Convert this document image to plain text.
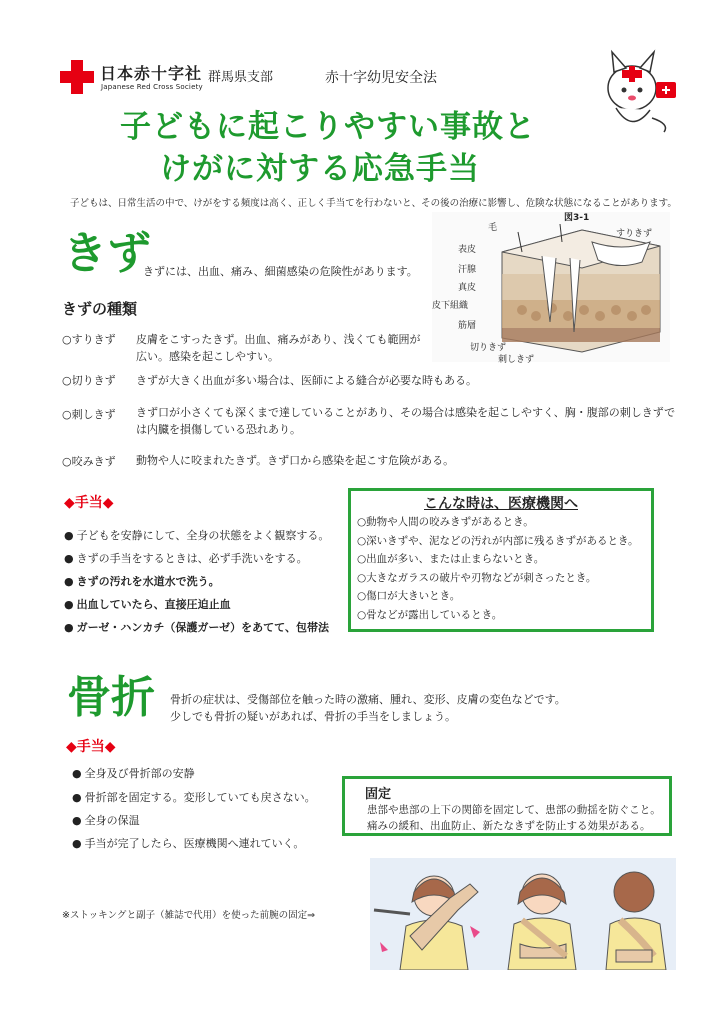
日本赤十字社
Japanese Red Cross Society
群馬県支部	赤十字幼児安全法
子どもに起こりやすい事故と
けがに対する応急手当
子どもは、日常生活の中で、けがをする頻度は高く、正しく手当てを行わないと、その後の治療に影響し、危険な状態になることがあります。
きず
きずには、出血、痛み、細菌感染の危険性があります。
きずの種類
図3-1
毛
表皮
汗腺
真皮
皮下組織
筋層
すりきず
切りきず
刺しきず
○すりきず 皮膚をこすったきず。出血、痛みがあり、浅くても範囲が広い。感染を起こしやすい。
○切りきず きずが大きく出血が多い場合は、医師による縫合が必要な時もある。
○刺しきず きず口が小さくても深くまで達していることがあり、その場合は感染を起こしやすく、胸・腹部の刺しきずでは内臓を損傷している恐れあり。
○咬みきず 動物や人に咬まれたきず。きず口から感染を起こす危険がある。
◆手当◆
● 子どもを安静にして、全身の状態をよく観察する。
● きずの手当をするときは、必ず手洗いをする。
● きずの汚れを水道水で洗う。
● 出血していたら、直接圧迫止血
● ガーゼ・ハンカチ（保護ガーゼ）をあてて、包帯法
こんな時は、医療機関へ
○ 動物や人間の咬みきずがあるとき。
○ 深いきずや、泥などの汚れが内部に残るきずがあるとき。
○ 出血が多い、または止まらないとき。
○ 大きなガラスの破片や刃物などが刺さったとき。
○ 傷口が大きいとき。
○ 骨などが露出しているとき。
骨折 骨折の症状は、受傷部位を触った時の激痛、腫れ、変形、皮膚の変色などです。
少しでも骨折の疑いがあれば、骨折の手当をしましょう。
◆手当◆
● 全身及び骨折部の安静
● 骨折部を固定する。変形していても戻さない。
● 全身の保温
● 手当が完了したら、医療機関へ連れていく。
固定
患部や患部の上下の関節を固定して、患部の動揺を防ぐこと。
痛みの緩和、出血防止、新たなきずを防止する効果がある。
※ストッキングと副子（雑誌で代用）を使った前腕の固定⇒
